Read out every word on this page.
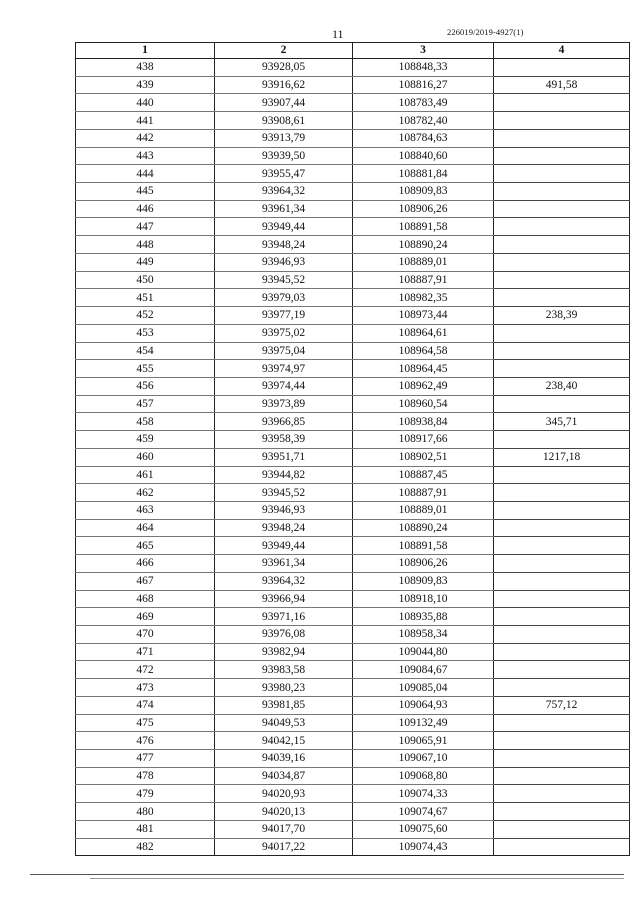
11	226019/2019-4927(1)
1	2	3	4
438	93928,05	108848,33	
439	93916,62	108816,27	491,58
440	93907,44	108783,49	
441	93908,61	108782,40	
442	93913,79	108784,63	
443	93939,50	108840,60	
444	93955,47	108881,84	
445	93964,32	108909,83	
446	93961,34	108906,26	
447	93949,44	108891,58	
448	93948,24	108890,24	
449	93946,93	108889,01	
450	93945,52	108887,91	
451	93979,03	108982,35	
452	93977,19	108973,44	238,39
453	93975,02	108964,61	
454	93975,04	108964,58	
455	93974,97	108964,45	
456	93974,44	108962,49	238,40
457	93973,89	108960,54	
458	93966,85	108938,84	345,71
459	93958,39	108917,66	
460	93951,71	108902,51	1217,18
461	93944,82	108887,45	
462	93945,52	108887,91	
463	93946,93	108889,01	
464	93948,24	108890,24	
465	93949,44	108891,58	
466	93961,34	108906,26	
467	93964,32	108909,83	
468	93966,94	108918,10	
469	93971,16	108935,88	
470	93976,08	108958,34	
471	93982,94	109044,80	
472	93983,58	109084,67	
473	93980,23	109085,04	
474	93981,85	109064,93	757,12
475	94049,53	109132,49	
476	94042,15	109065,91	
477	94039,16	109067,10	
478	94034,87	109068,80	
479	94020,93	109074,33	
480	94020,13	109074,67	
481	94017,70	109075,60	
482	94017,22	109074,43	
